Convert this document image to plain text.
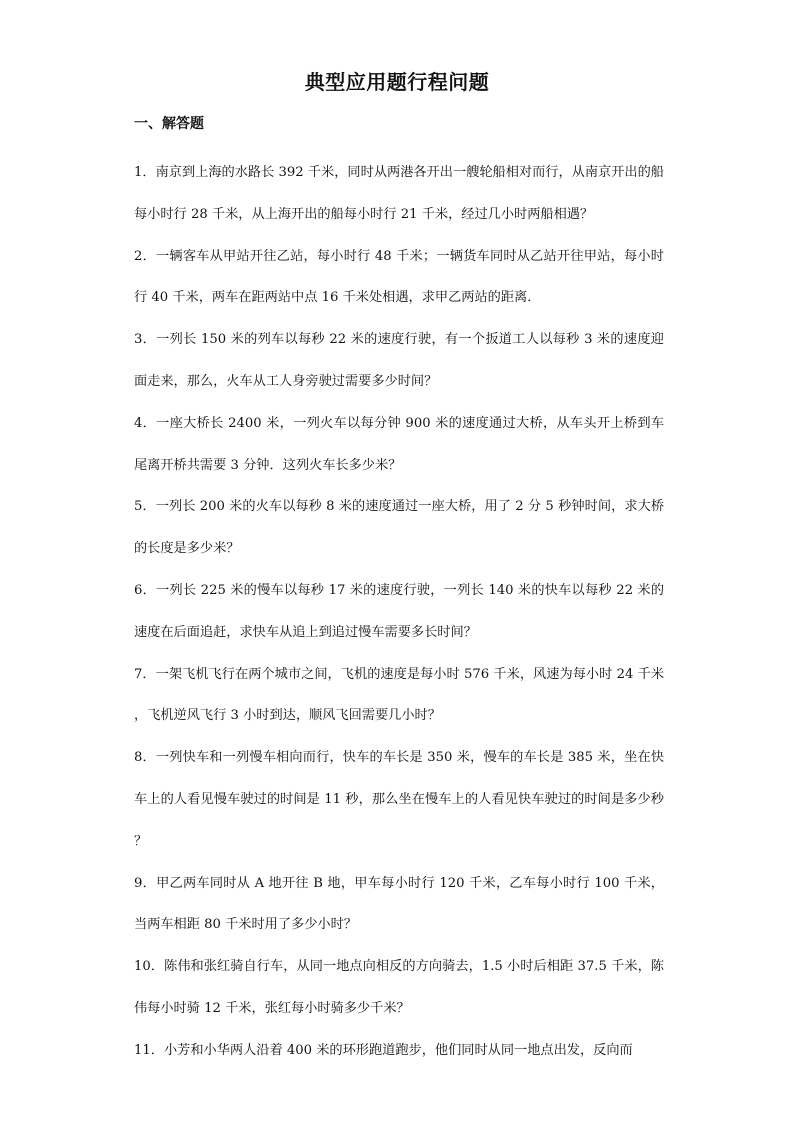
典型应用题行程问题
一、解答题
1．南京到上海的水路长 392 千米，同时从两港各开出一艘轮船相对而行，从南京开出的船每小时行 28 千米，从上海开出的船每小时行 21 千米，经过几小时两船相遇？
2．一辆客车从甲站开往乙站，每小时行 48 千米；一辆货车同时从乙站开往甲站，每小时行 40 千米，两车在距两站中点 16 千米处相遇，求甲乙两站的距离．
3．一列长 150 米的列车以每秒 22 米的速度行驶，有一个扳道工人以每秒 3 米的速度迎面走来，那么，火车从工人身旁驶过需要多少时间？
4．一座大桥长 2400 米，一列火车以每分钟 900 米的速度通过大桥，从车头开上桥到车尾离开桥共需要 3 分钟．这列火车长多少米？
5．一列长 200 米的火车以每秒 8 米的速度通过一座大桥，用了 2 分 5 秒钟时间，求大桥的长度是多少米？
6．一列长 225 米的慢车以每秒 17 米的速度行驶，一列长 140 米的快车以每秒 22 米的速度在后面追赶，求快车从追上到追过慢车需要多长时间？
7．一架飞机飞行在两个城市之间，飞机的速度是每小时 576 千米，风速为每小时 24 千米，飞机逆风飞行 3 小时到达，顺风飞回需要几小时？
8．一列快车和一列慢车相向而行，快车的车长是 350 米，慢车的车长是 385 米，坐在快车上的人看见慢车驶过的时间是 11 秒，那么坐在慢车上的人看见快车驶过的时间是多少秒？
9．甲乙两车同时从 A 地开往 B 地，甲车每小时行 120 千米，乙车每小时行 100 千米，当两车相距 80 千米时用了多少小时？
10．陈伟和张红骑自行车，从同一地点向相反的方向骑去，1.5 小时后相距 37.5 千米，陈伟每小时骑 12 千米，张红每小时骑多少千米？
11．小芳和小华两人沿着 400 米的环形跑道跑步，他们同时从同一地点出发，反向而
